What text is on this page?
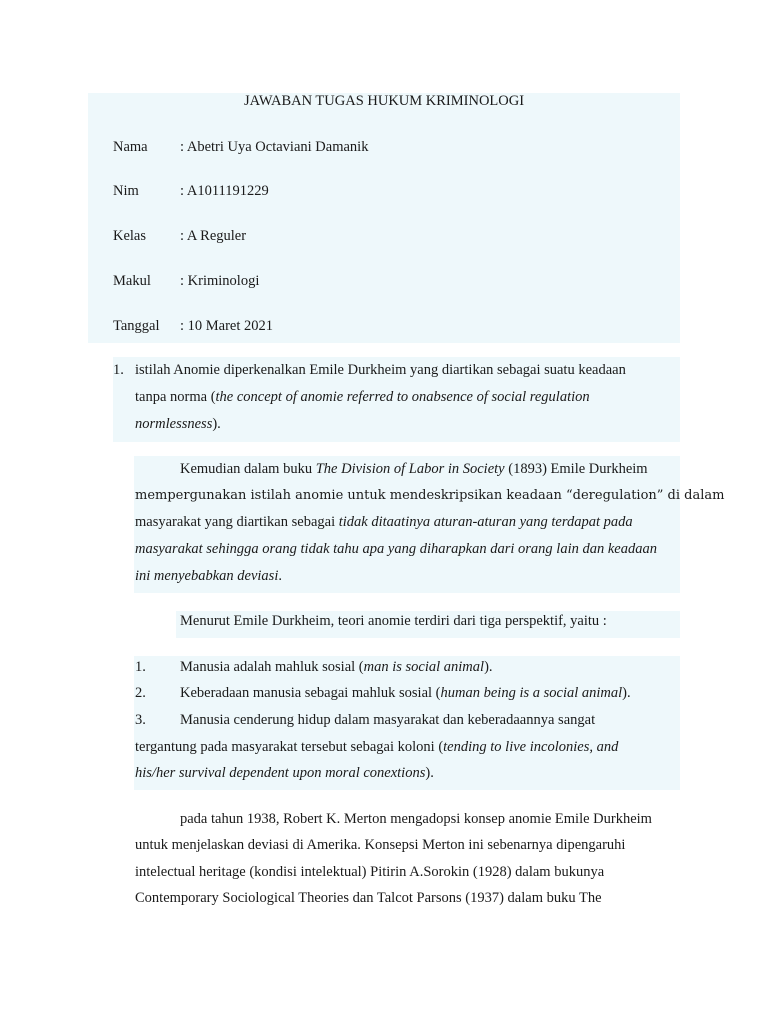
JAWABAN TUGAS HUKUM KRIMINOLOGI
Nama : Abetri Uya Octaviani Damanik
Nim	: A1011191229
Kelas : A Reguler
Makul : Kriminologi
Tanggal : 10 Maret 2021
1. istilah Anomie diperkenalkan Emile Durkheim yang diartikan sebagai suatu keadaan
tanpa norma (the concept of anomie referred to onabsence of social regulation
normlessness).
Kemudian dalam buku The Division of Labor in Society (1893) Emile Durkheim
mempergunakan istilah anomie untuk mendeskripsikan keadaan “deregulation” di dalam
masyarakat yang diartikan sebagai tidak ditaatinya aturan-aturan yang terdapat pada
masyarakat sehingga orang tidak tahu apa yang diharapkan dari orang lain dan keadaan
ini menyebabkan deviasi.
Menurut Emile Durkheim, teori anomie terdiri dari tiga perspektif, yaitu :
1. Manusia adalah mahluk sosial (man is social animal).
2. Keberadaan manusia sebagai mahluk sosial (human being is a social animal).
3. Manusia cenderung hidup dalam masyarakat dan keberadaannya sangat
tergantung pada masyarakat tersebut sebagai koloni (tending to live incolonies, and
his/her survival dependent upon moral conextions).
pada tahun 1938, Robert K. Merton mengadopsi konsep anomie Emile Durkheim
untuk menjelaskan deviasi di Amerika. Konsepsi Merton ini sebenarnya dipengaruhi
intelectual heritage (kondisi intelektual) Pitirin A.Sorokin (1928) dalam bukunya
Contemporary Sociological Theories dan Talcot Parsons (1937) dalam buku The
